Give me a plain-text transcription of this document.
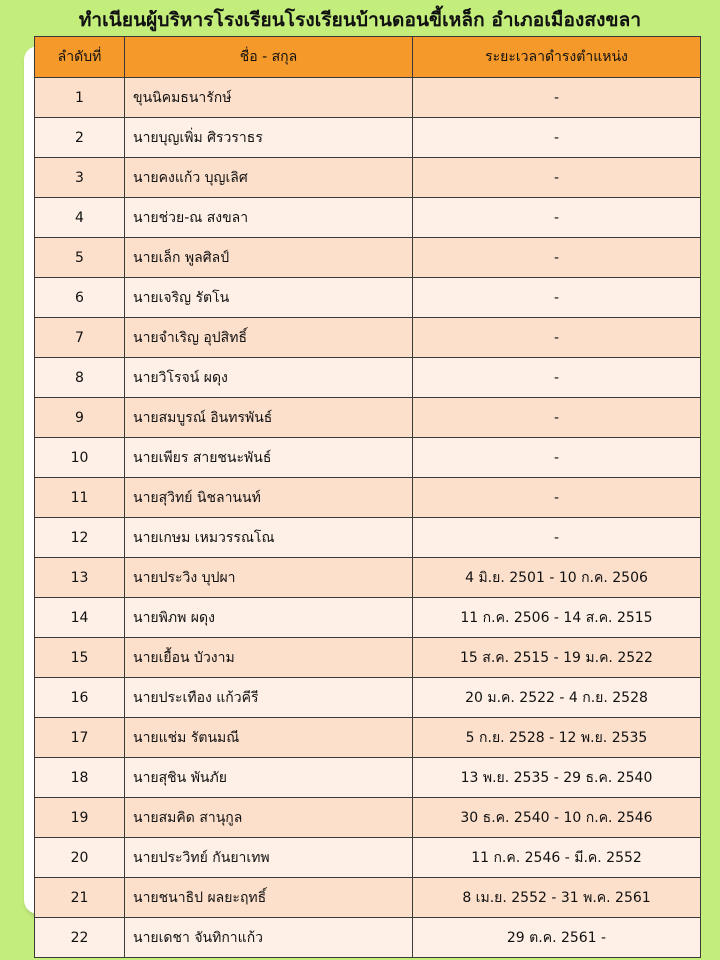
ทำเนียนผู้บริหารโรงเรียนโรงเรียนบ้านดอนขี้เหล็ก อำเภอเมืองสงขลา
ลำดับที่	ชื่อ - สกุล	ระยะเวลาดำรงตำแหน่ง
1	ขุนนิคมธนารักษ์	-
2	นายบุญเพิ่ม ศิรวราธร	-
3	นายคงแก้ว บุญเลิศ	-
4	นายช่วย-ณ สงขลา	-
5	นายเล็ก พูลศิลป์	-
6	นายเจริญ รัตโน	-
7	นายจำเริญ อุปสิทธิ์	-
8	นายวิโรจน์ ผดุง	-
9	นายสมบูรณ์ อินทรพันธ์	-
10	นายเพียร สายชนะพันธ์	-
11	นายสุวิทย์ นิชลานนท์	-
12	นายเกษม เหมวรรณโณ	-
13	นายประวิง บุปผา	4 มิ.ย. 2501 - 10 ก.ค. 2506
14	นายพิภพ ผดุง	11 ก.ค. 2506 - 14 ส.ค. 2515
15	นายเยื้อน บัวงาม	15 ส.ค. 2515 - 19 ม.ค. 2522
16	นายประเทือง แก้วคีรี	20 ม.ค. 2522 - 4 ก.ย. 2528
17	นายแช่ม รัตนมณี	5 ก.ย. 2528 - 12 พ.ย. 2535
18	นายสุชิน พันภัย	13 พ.ย. 2535 - 29 ธ.ค. 2540
19	นายสมคิด สานุกูล	30 ธ.ค. 2540 - 10 ก.ค. 2546
20	นายประวิทย์ กันยาเทพ	11 ก.ค. 2546 - มี.ค. 2552
21	นายชนาธิป ผลยะฤทธิ์	8 เม.ย. 2552 - 31 พ.ค. 2561
22	นายเดชา จันทิกาแก้ว	29 ต.ค. 2561 -
